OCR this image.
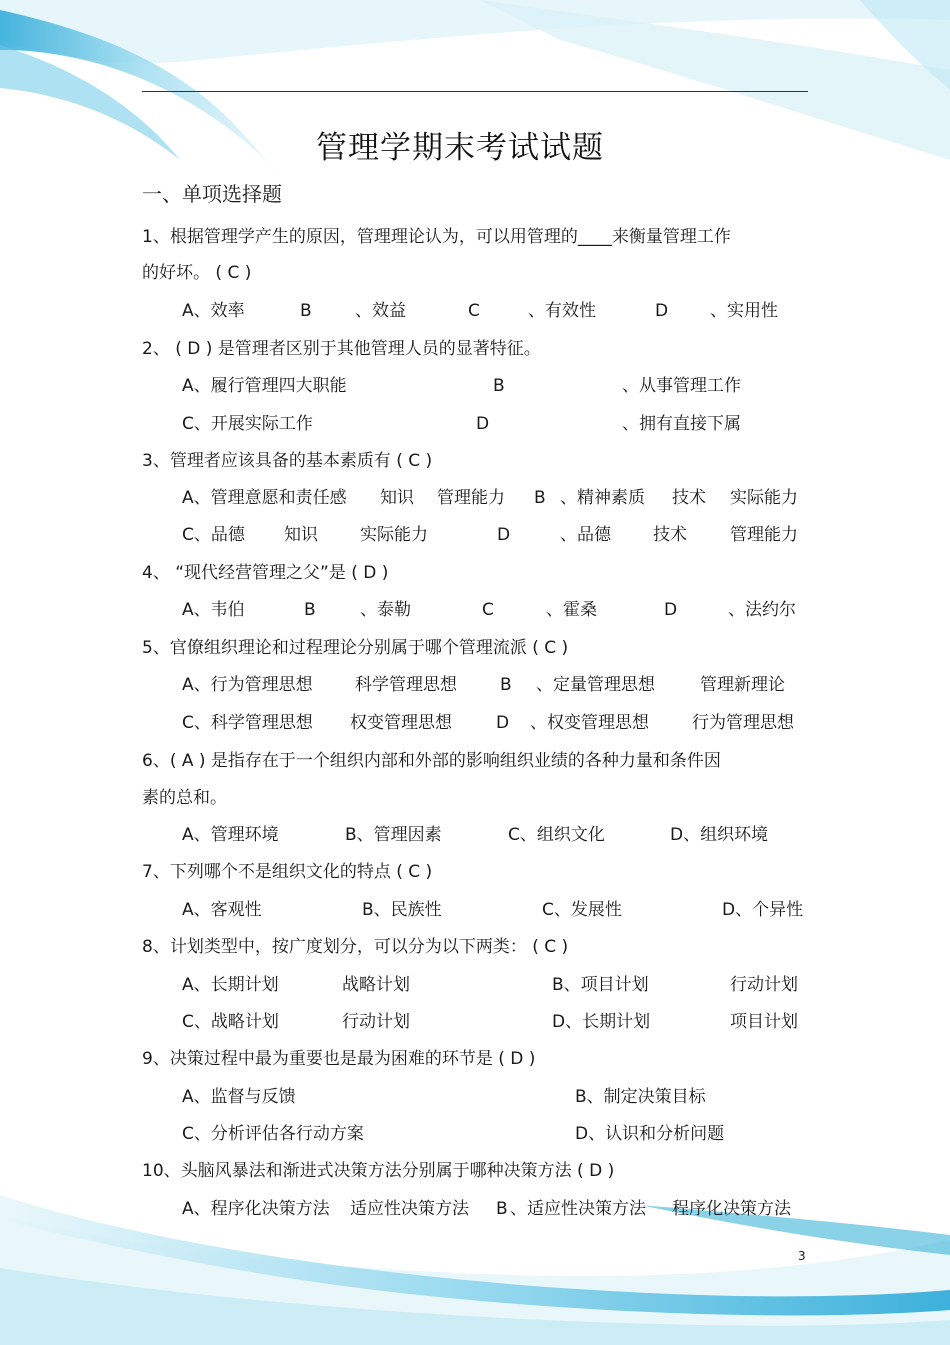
管理学期末考试试题
一、单项选择题
1、根据管理学产生的原因，管理理论认为，可以用管理的____来衡量管理工作
的好坏。 ( C )
A、效率	B	、效益	C	、有效性	D 、实用性
2、 ( D ) 是管理者区别于其他管理人员的显著特征。
A、履行管理四大职能	B	、从事管理工作
C、开展实际工作	D	、拥有直接下属
3、管理者应该具备的基本素质有 ( C )
A、管理意愿和责任感 知识 管理能力 B 、精神素质 技术 实际能力
C、品德 知识 实际能力	D	、品德 技术	管理能力
4、 “现代经营管理之父”是 ( D )
A、韦伯	B	、泰勒	C	、霍桑	D	、法约尔
5、官僚组织理论和过程理论分别属于哪个管理流派 ( C )
A、行为管理思想 科学管理思想	B 、定量管理思想	管理新理论
C、科学管理思想 权变管理思想	D 、权变管理思想	行为管理思想
6、( A ) 是指存在于一个组织内部和外部的影响组织业绩的各种力量和条件因
素的总和。
A、管理环境	B、管理因素	C、组织文化	D、组织环境
7、下列哪个不是组织文化的特点 ( C )
A、客观性	B、民族性	C、发展性	D、个异性
8、计划类型中，按广度划分，可以分为以下两类： ( C )
A、长期计划	战略计划	B、项目计划	行动计划
C、战略计划	行动计划	D、长期计划	项目计划
9、决策过程中最为重要也是最为困难的环节是 ( D )
A、监督与反馈	B、制定决策目标
C、分析评估各行动方案	D、认识和分析问题
10、头脑风暴法和渐进式决策方法分别属于哪种决策方法 ( D )
A、程序化决策方法 适应性决策方法 B 、适应性决策方法 程序化决策方法
3
